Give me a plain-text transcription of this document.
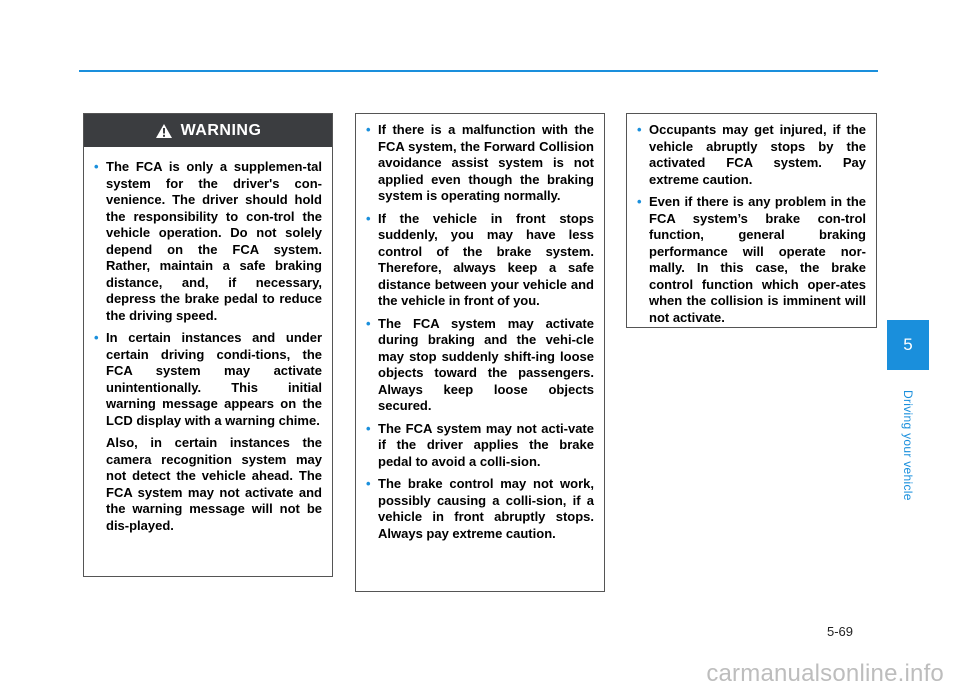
WARNING
• The FCA is only a supplemen-tal system for the driver's con-venience. The driver should hold the responsibility to con-trol the vehicle operation. Do not solely depend on the FCA system. Rather, maintain a safe braking distance, and, if necessary, depress the brake pedal to reduce the driving speed.
• In certain instances and under certain driving condi-tions, the FCA system may activate unintentionally. This initial warning message appears on the LCD display with a warning chime.

Also, in certain instances the camera recognition system may not detect the vehicle ahead. The FCA system may not activate and the warning message will not be dis-played.

• If there is a malfunction with the FCA system, the Forward Collision avoidance assist system is not applied even though the braking system is operating normally.
• If the vehicle in front stops suddenly, you may have less control of the brake system. Therefore, always keep a safe distance between your vehicle and the vehicle in front of you.
• The FCA system may activate during braking and the vehi-cle may stop suddenly shift-ing loose objects toward the passengers. Always keep loose objects secured.
• The FCA system may not acti-vate if the driver applies the brake pedal to avoid a colli-sion.
• The brake control may not work, possibly causing a colli-sion, if a vehicle in front abruptly stops. Always pay extreme caution.
• Occupants may get injured, if the vehicle abruptly stops by the activated FCA system. Pay extreme caution.
• Even if there is any problem in the FCA system’s brake con-trol function, general braking performance will operate nor-mally. In this case, the brake control function which oper-ates when the collision is imminent will not activate.
5
Driving your vehicle
5-69
carmanualsonline.info
